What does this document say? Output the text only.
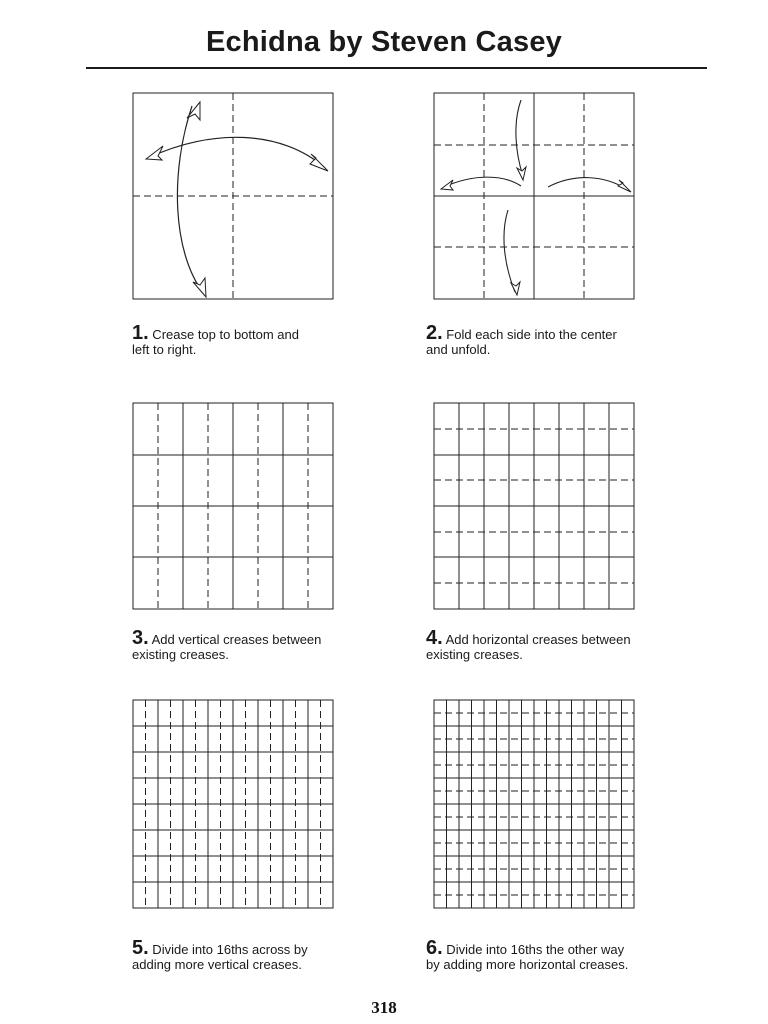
Echidna by Steven Casey
1. Crease top to bottom and
left to right.
2. Fold each side into the center
and unfold.
3. Add vertical creases between
existing creases.
4. Add horizontal creases between
existing creases.
5. Divide into 16ths across by
adding more vertical creases.
6. Divide into 16ths the other way
by adding more horizontal creases.
318
